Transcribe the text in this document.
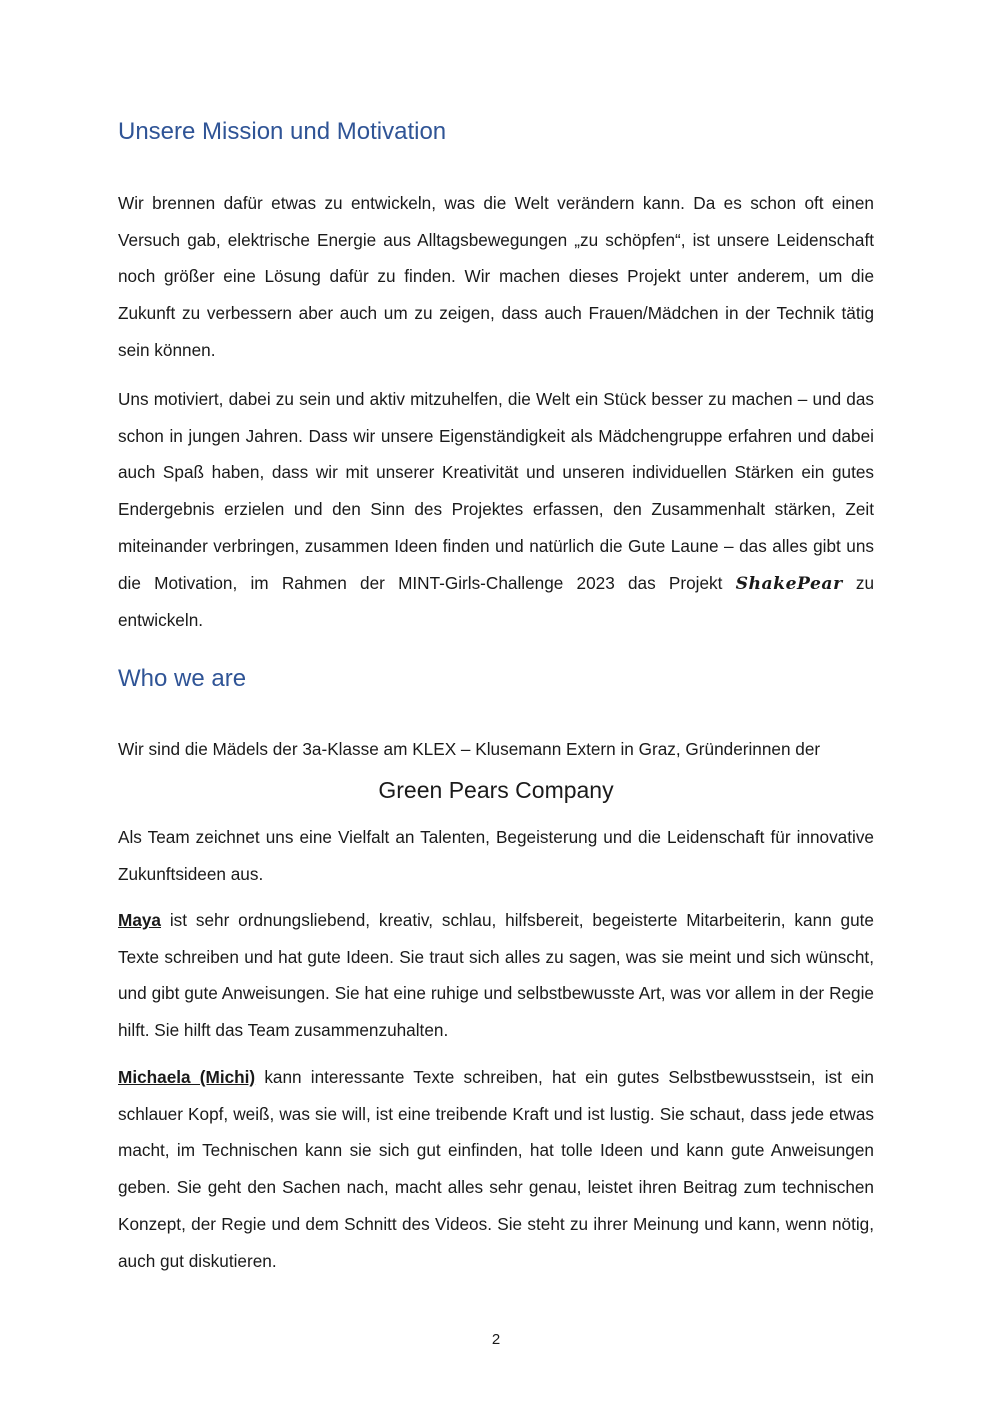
Unsere Mission und Motivation

Wir brennen dafür etwas zu entwickeln, was die Welt verändern kann. Da es schon oft einen Versuch gab, elektrische Energie aus Alltagsbewegungen „zu schöpfen“, ist unsere Leidenschaft noch größer eine Lösung dafür zu finden. Wir machen dieses Projekt unter anderem, um die Zukunft zu verbessern aber auch um zu zeigen, dass auch Frauen/Mädchen in der Technik tätig sein können.

Uns motiviert, dabei zu sein und aktiv mitzuhelfen, die Welt ein Stück besser zu machen – und das schon in jungen Jahren. Dass wir unsere Eigenständigkeit als Mädchengruppe erfahren und dabei auch Spaß haben, dass wir mit unserer Kreativität und unseren individuellen Stärken ein gutes Endergebnis erzielen und den Sinn des Projektes erfassen, den Zusammenhalt stärken, Zeit miteinander verbringen, zusammen Ideen finden und natürlich die Gute Laune – das alles gibt uns die Motivation, im Rahmen der MINT-Girls-Challenge 2023 das Projekt ShakePear zu entwickeln.

Who we are

Wir sind die Mädels der 3a-Klasse am KLEX – Klusemann Extern in Graz, Gründerinnen der

Green Pears Company

Als Team zeichnet uns eine Vielfalt an Talenten, Begeisterung und die Leidenschaft für innovative Zukunftsideen aus.

Maya ist sehr ordnungsliebend, kreativ, schlau, hilfsbereit, begeisterte Mitarbeiterin, kann gute Texte schreiben und hat gute Ideen. Sie traut sich alles zu sagen, was sie meint und sich wünscht, und gibt gute Anweisungen. Sie hat eine ruhige und selbstbewusste Art, was vor allem in der Regie hilft. Sie hilft das Team zusammenzuhalten.

Michaela (Michi) kann interessante Texte schreiben, hat ein gutes Selbstbewusstsein, ist ein schlauer Kopf, weiß, was sie will, ist eine treibende Kraft und ist lustig. Sie schaut, dass jede etwas macht, im Technischen kann sie sich gut einfinden, hat tolle Ideen und kann gute Anweisungen geben. Sie geht den Sachen nach, macht alles sehr genau, leistet ihren Beitrag zum technischen Konzept, der Regie und dem Schnitt des Videos. Sie steht zu ihrer Meinung und kann, wenn nötig, auch gut diskutieren.

2
